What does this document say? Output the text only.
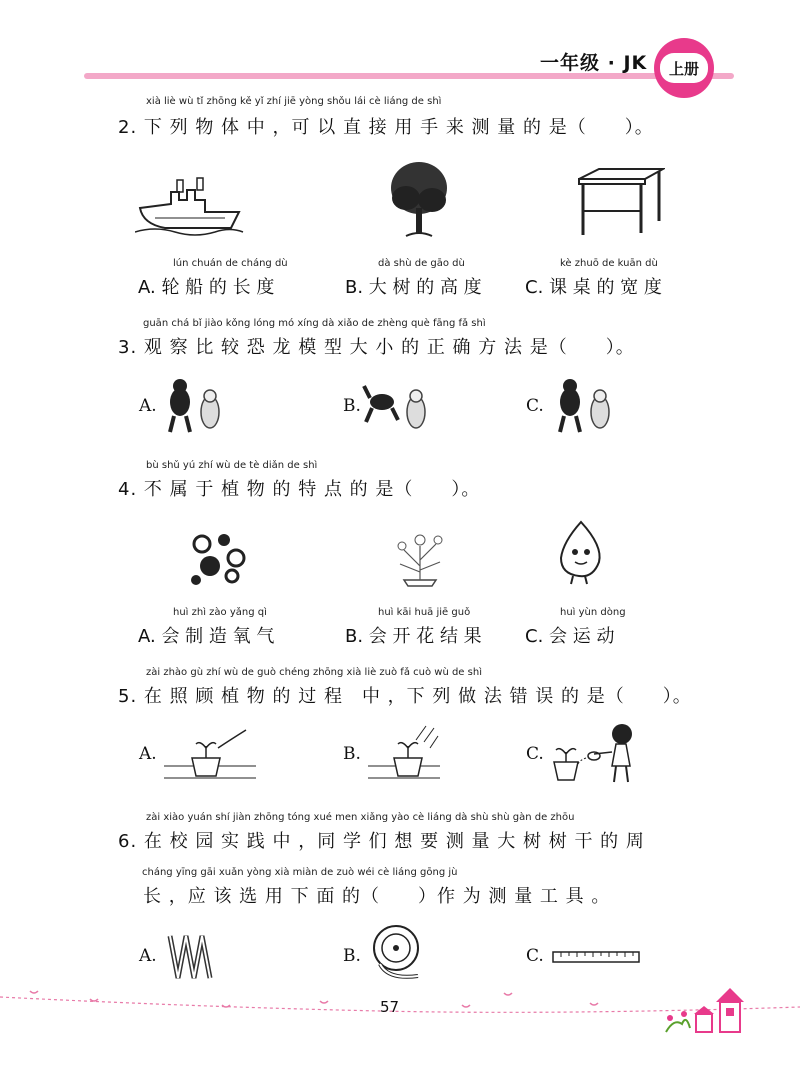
一年级 · JK	上册
xià liè wù tǐ zhōng kě yǐ zhí jiē yòng shǒu lái cè liáng de shì
2. 下 列 物 体 中 ，可 以 直 接 用 手 来 测 量 的 是（　　）。
lún chuán de cháng dù
A. 轮 船 的 长 度
dà shù de gāo dù
B. 大 树 的 高 度
kè zhuō de kuān dù
C. 课 桌 的 宽 度
guān chá bǐ jiào kǒng lóng mó xíng dà xiǎo de zhèng què fāng fǎ shì
3. 观 察 比 较 恐 龙 模 型 大 小 的 正 确 方 法 是（　　）。
A.	B.	C.
bù shǔ yú zhí wù de tè diǎn de shì
4. 不 属 于 植 物 的 特 点 的 是（　　）。
huì zhì zào yǎng qì
A. 会 制 造 氧 气
huì kāi huā jiē guǒ
B. 会 开 花 结 果
huì yùn dòng
C. 会 运 动
zài zhào gù zhí wù de guò chéng zhōng xià liè zuò fǎ cuò wù de shì
5. 在 照 顾 植 物 的 过 程　中 ，下 列 做 法 错 误 的 是（　　）。
A.	B.	C.
zài xiào yuán shí jiàn zhōng tóng xué men xiǎng yào cè liáng dà shù shù gàn de zhōu
6. 在 校 园 实 践 中 ，同 学 们 想 要 测 量 大 树 树 干 的 周
cháng yīng gāi xuǎn yòng xià miàn de zuò wéi cè liáng gōng jù
长 ，应 该 选 用 下 面 的（　　）作 为 测 量 工 具 。
A.	B.	C.
57
